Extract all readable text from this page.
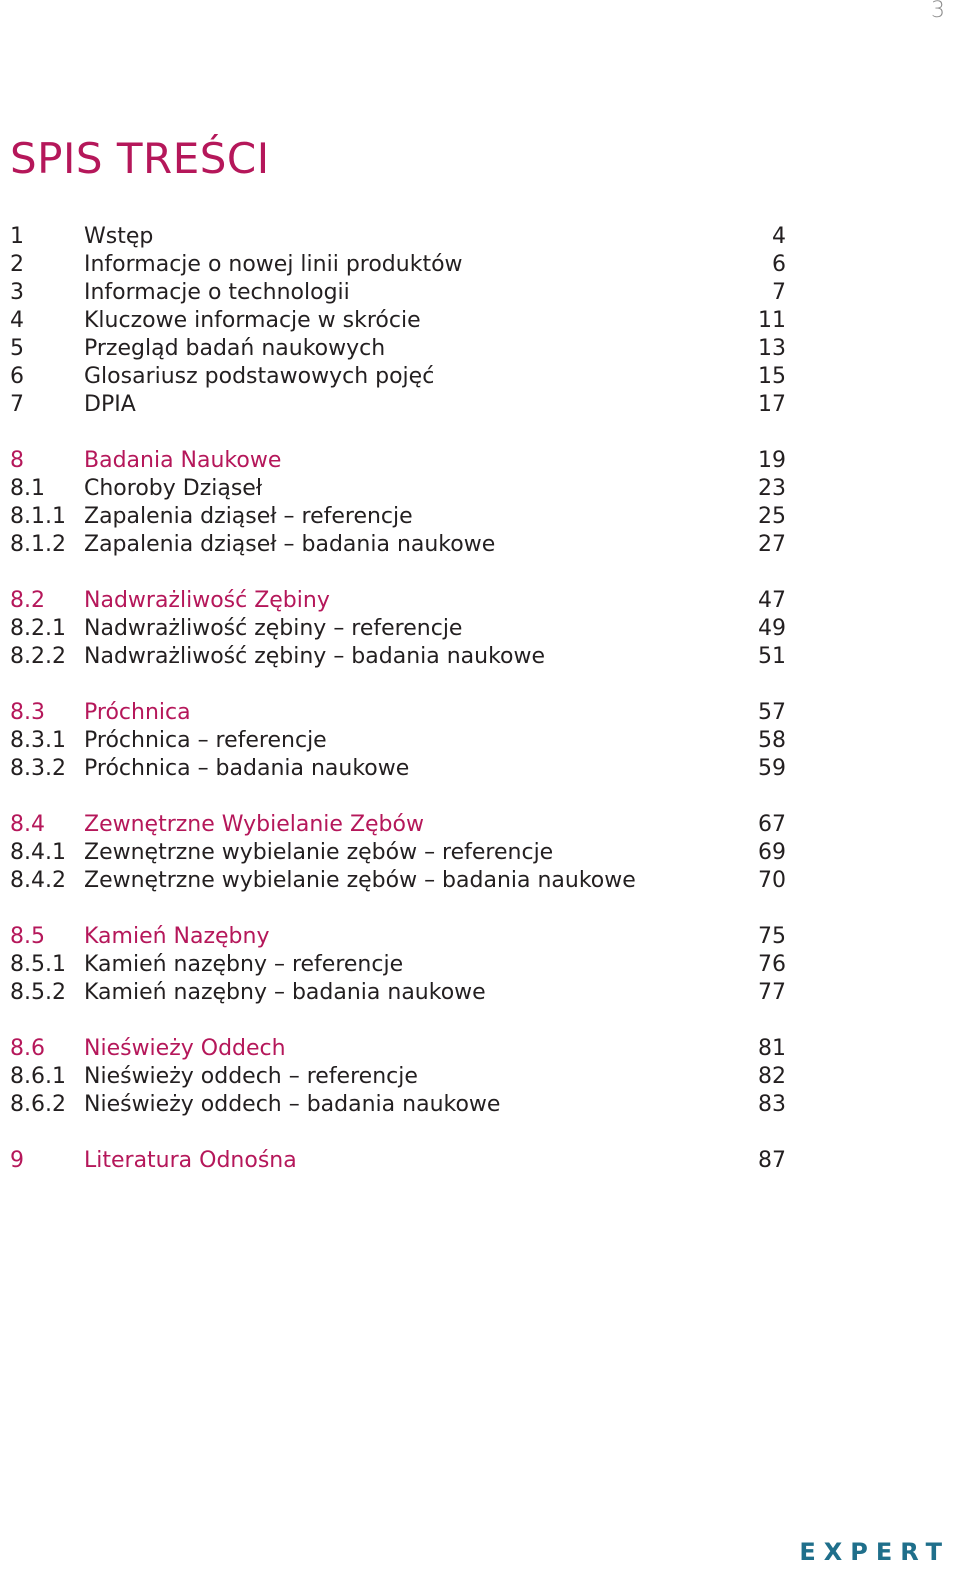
3
SPIS TREŚCI
1	Wstęp	4
2	Informacje o nowej linii produktów	6
3	Informacje o technologii	7
4	Kluczowe informacje w skrócie	11
5	Przegląd badań naukowych	13
6	Glosariusz podstawowych pojęć	15
7	DPIA	17
8	Badania Naukowe	19
8.1 Choroby Dziąseł	23
8.1.1 Zapalenia dziąseł – referencje	25
8.1.2 Zapalenia dziąseł – badania naukowe	27
8.2 Nadwrażliwość Zębiny	47
8.2.1 Nadwrażliwość zębiny – referencje	49
8.2.2 Nadwrażliwość zębiny – badania naukowe	51
8.3 Próchnica	57
8.3.1 Próchnica – referencje	58
8.3.2 Próchnica – badania naukowe	59
8.4 Zewnętrzne Wybielanie Zębów	67
8.4.1 Zewnętrzne wybielanie zębów – referencje	69
8.4.2 Zewnętrzne wybielanie zębów – badania naukowe	70
8.5 Kamień Nazębny	75
8.5.1 Kamień nazębny – referencje	76
8.5.2 Kamień nazębny – badania naukowe	77
8.6 Nieświeży Oddech	81
8.6.1 Nieświeży oddech – referencje	82
8.6.2 Nieświeży oddech – badania naukowe	83
9	Literatura Odnośna	87
EXPERT
